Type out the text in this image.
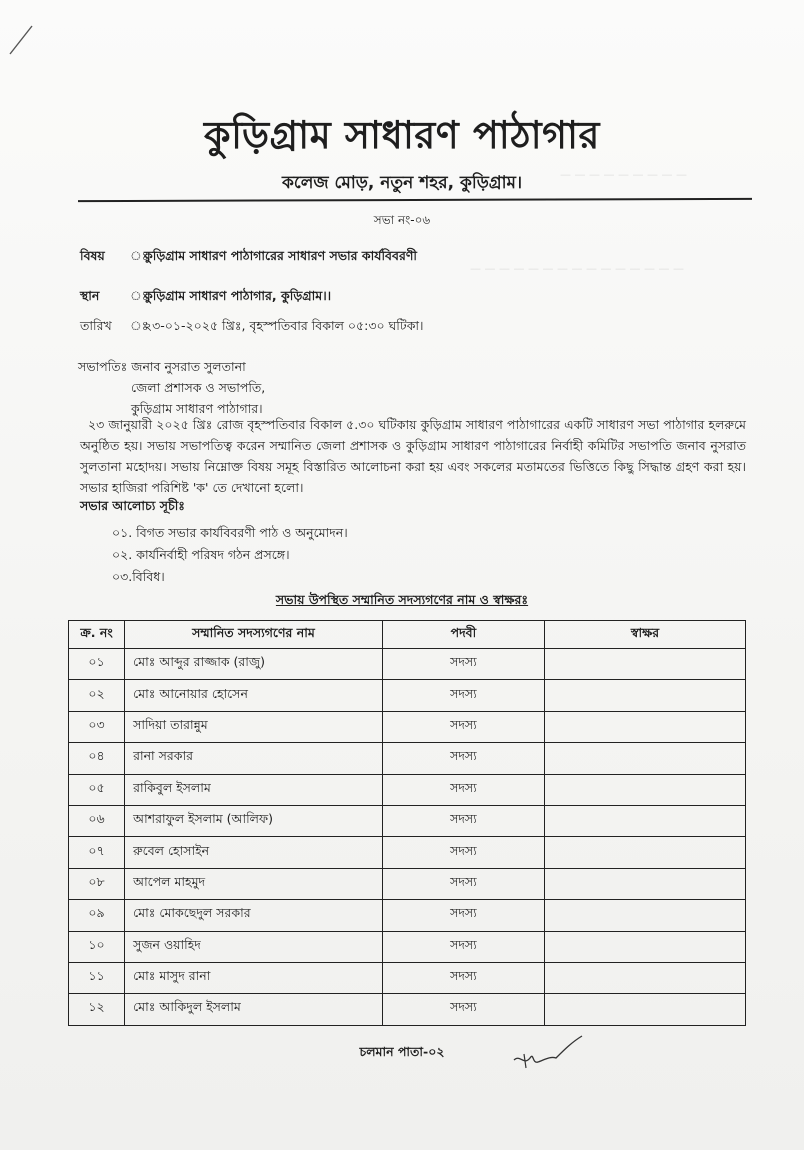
— — — — — — — — —
— — — — — — — — — — — — — — —
কুড়িগ্রাম সাধারণ পাঠাগার
কলেজ মোড়, নতুন শহর, কুড়িগ্রাম।
সভা নং-০৬
বিষয় ঃকুড়িগ্রাম সাধারণ পাঠাগারের সাধারণ সভার কার্যবিবরণী
স্থান ঃকুড়িগ্রাম সাধারণ পাঠাগার, কুড়িগ্রাম।।
তারিখ ঃ২৩-০১-২০২৫ খ্রিঃ, বৃহস্পতিবার বিকাল ০৫:৩০ ঘটিকা।
সভাপতিঃ জনাব নুসরাত সুলতানা
জেলা প্রশাসক ও সভাপতি,
কুড়িগ্রাম সাধারণ পাঠাগার।
২৩ জানুয়ারী ২০২৫ খ্রিঃ রোজ বৃহস্পতিবার বিকাল ৫.৩০ ঘটিকায় কুড়িগ্রাম সাধারণ পাঠাগারের একটি সাধারণ সভা পাঠাগার হলরুমে অনুষ্ঠিত হয়। সভায় সভাপতিত্ব করেন সম্মানিত জেলা প্রশাসক ও কুড়িগ্রাম সাধারণ পাঠাগারের নির্বাহী কমিটির সভাপতি জনাব নুসরাত সুলতানা মহোদয়। সভায় নিম্নোক্ত বিষয় সমূহ বিস্তারিত আলোচনা করা হয় এবং সকলের মতামতের ভিত্তিতে কিছু সিদ্ধান্ত গ্রহণ করা হয়। সভার হাজিরা পরিশিষ্ট 'ক' তে দেখানো হলো।
সভার আলোচ্য সূচীঃ
০১. বিগত সভার কার্যবিবরণী পাঠ ও অনুমোদন।
০২. কার্যনির্বাহী পরিষদ গঠন প্রসঙ্গে।
০৩.বিবিধ।
সভায় উপস্থিত সম্মানিত সদস্যগণের নাম ও স্বাক্ষরঃ
ক্র. নং	সম্মানিত সদস্যগণের নাম	পদবী	স্বাক্ষর
০১	মোঃ আব্দুর রাজ্জাক (রাজু)	সদস্য	
০২	মোঃ আনোয়ার হোসেন	সদস্য	
০৩	সাদিয়া তারান্নুম	সদস্য	
০৪	রানা সরকার	সদস্য	
০৫	রাকিবুল ইসলাম	সদস্য	
০৬	আশরাফুল ইসলাম (আলিফ)	সদস্য	
০৭	রুবেল হোসাইন	সদস্য	
০৮	আপেল মাহমুদ	সদস্য	
০৯	মোঃ মোকছেদুল সরকার	সদস্য	
১০	সুজন ওয়াহিদ	সদস্য	
১১	মোঃ মাসুদ রানা	সদস্য	
১২	মোঃ আকিদুল ইসলাম	সদস্য	
চলমান পাতা-০২
